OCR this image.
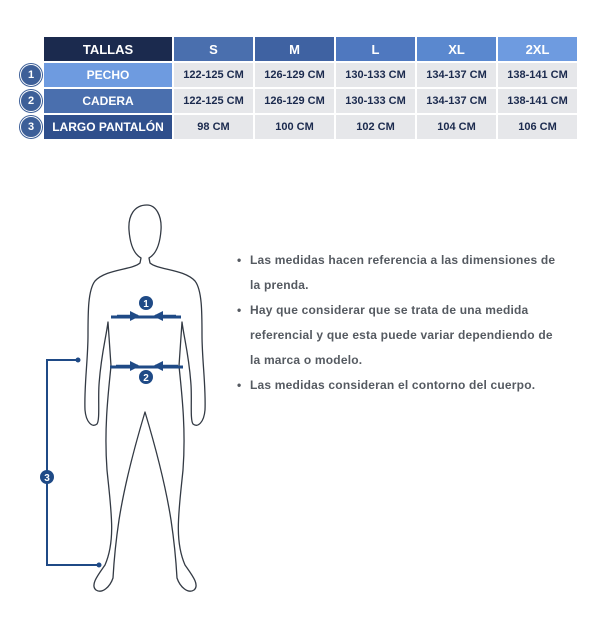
TALLAS	S	M	L	XL	2XL
1	PECHO	122-125 CM	126-129 CM	130-133 CM	134-137 CM	138-141 CM
2	CADERA	122-125 CM	126-129 CM	130-133 CM	134-137 CM	138-141 CM
3	LARGO PANTALÓN	98 CM	100 CM	102 CM	104 CM	106 CM
1
2
3
• Las medidas hacen referencia a las dimensiones de la prenda.
• Hay que considerar que se trata de una medida referencial y que esta puede variar dependiendo de la marca o modelo.
• Las medidas consideran el contorno del cuerpo.
